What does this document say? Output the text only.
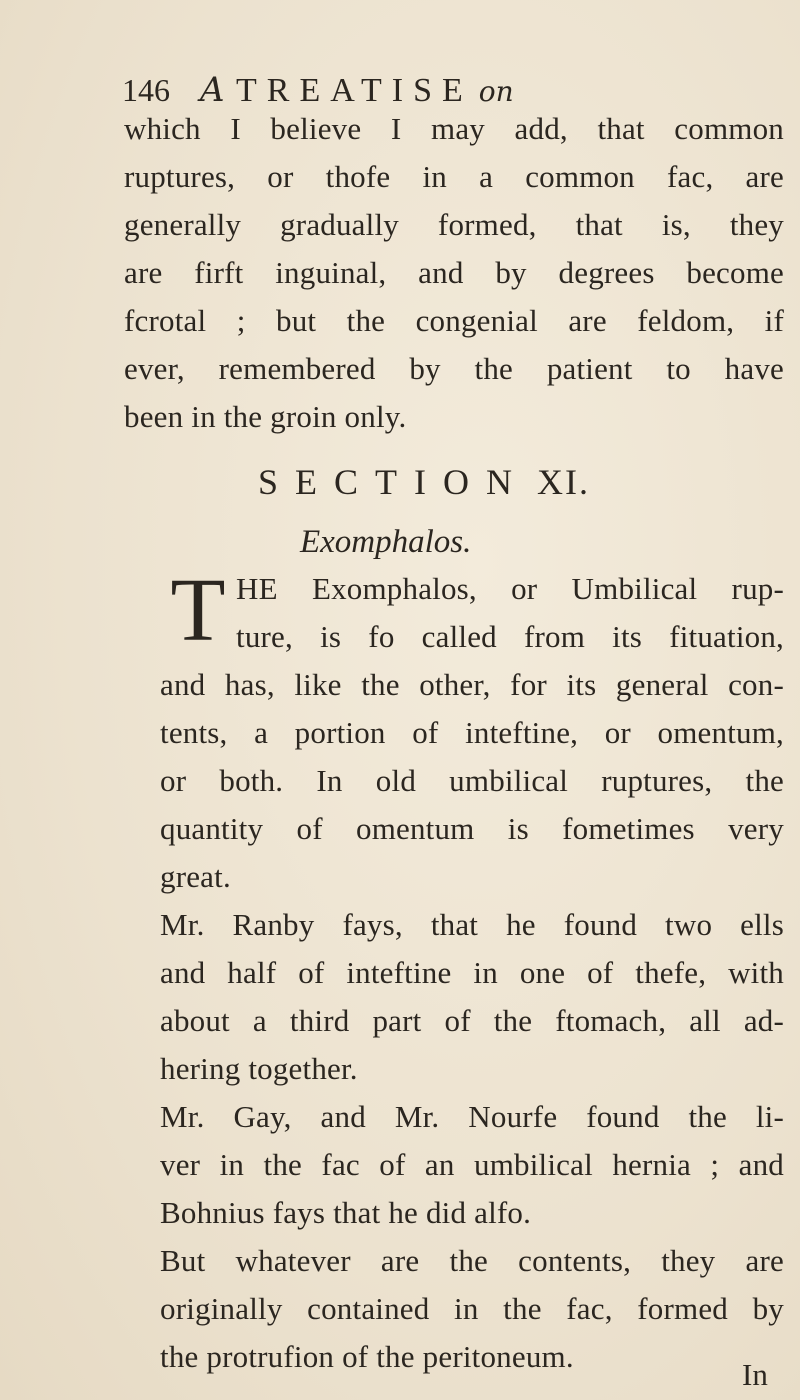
146 A TREATISE on
which I believe I may add, that common
ruptures, or thofe in a common fac, are
generally gradually formed, that is, they
are firft inguinal, and by degrees become
fcrotal ; but the congenial are feldom, if
ever, remembered by the patient to have
been in the groin only.
SECTION XI.
Exomphalos.
T HE Exomphalos, or Umbilical rup-
ture, is fo called from its fituation,
and has, like the other, for its general con-
tents, a portion of inteftine, or omentum,
or both. In old umbilical ruptures, the
quantity of omentum is fometimes very
great.
Mr. Ranby fays, that he found two ells
and half of inteftine in one of thefe, with
about a third part of the ftomach, all ad-
hering together.
Mr. Gay, and Mr. Nourfe found the li-
ver in the fac of an umbilical hernia ; and
Bohnius fays that he did alfo.
But whatever are the contents, they are
originally contained in the fac, formed by
the protrufion of the peritoneum.
In
